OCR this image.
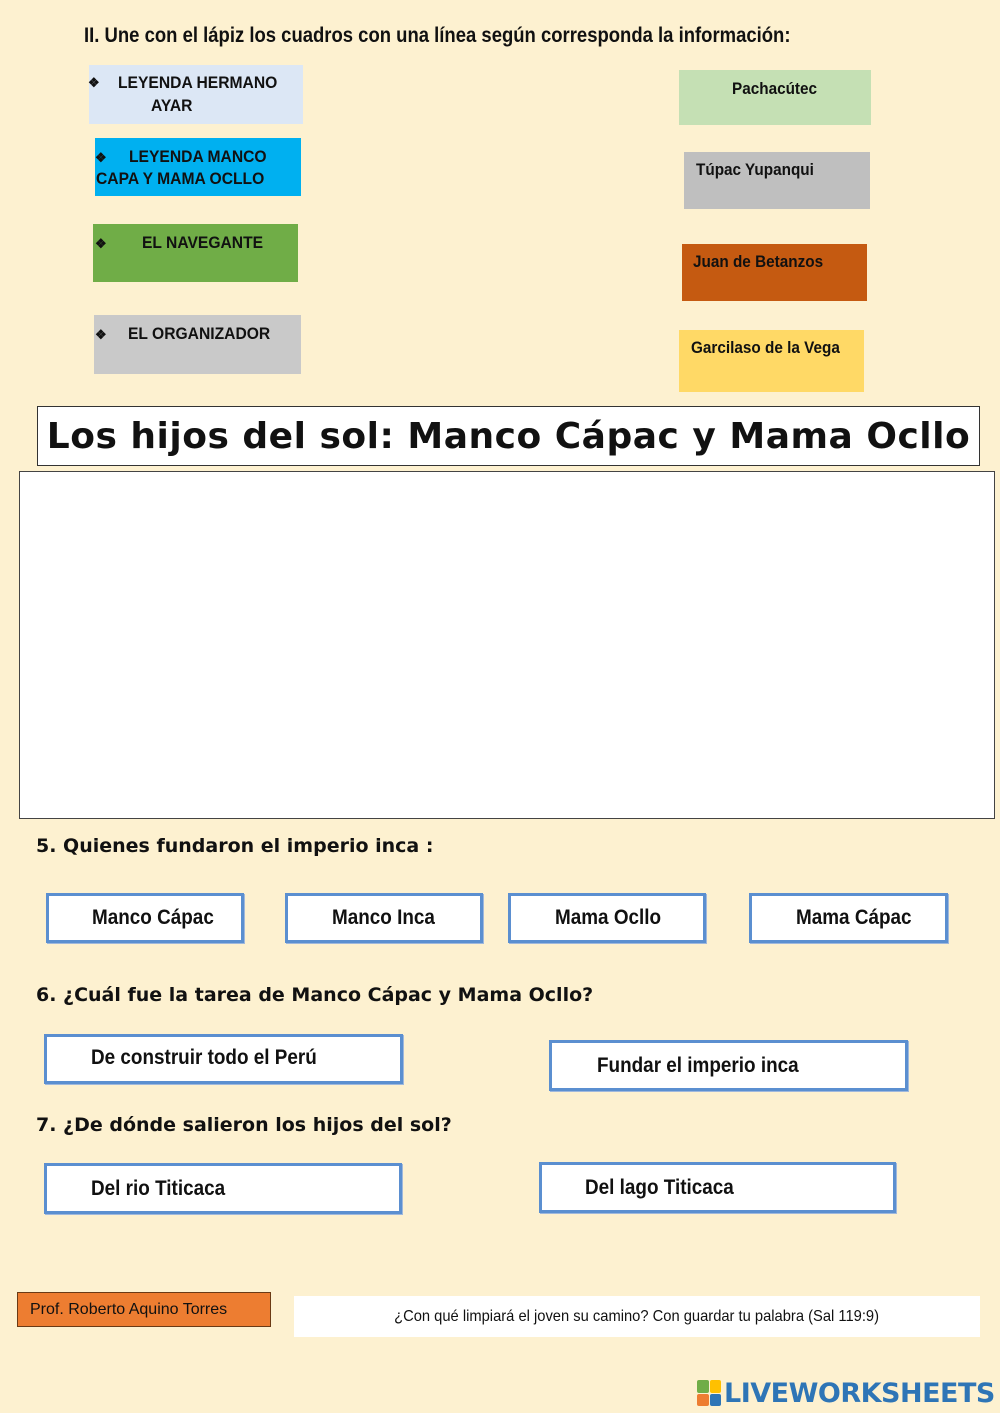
II. Une con el lápiz los cuadros con una línea según corresponda la información:
❖ LEYENDA HERMANO
AYAR
❖ LEYENDA MANCO
CAPA Y MAMA OCLLO
❖ EL NAVEGANTE
❖ EL ORGANIZADOR
Pachacútec
Túpac Yupanqui
Juan de Betanzos
Garcilaso de la Vega
Los hijos del sol: Manco Cápac y Mama Ocllo
5. Quienes fundaron el imperio inca :
Manco Cápac	Manco Inca	Mama Ocllo	Mama Cápac
6. ¿Cuál fue la tarea de Manco Cápac y Mama Ocllo?
De construir todo el Perú	Fundar el imperio inca
7. ¿De dónde salieron los hijos del sol?
Del rio Titicaca	Del lago Titicaca
Prof. Roberto Aquino Torres	¿Con qué limpiará el joven su camino? Con guardar tu palabra (Sal 119:9)
LIVEWORKSHEETS
